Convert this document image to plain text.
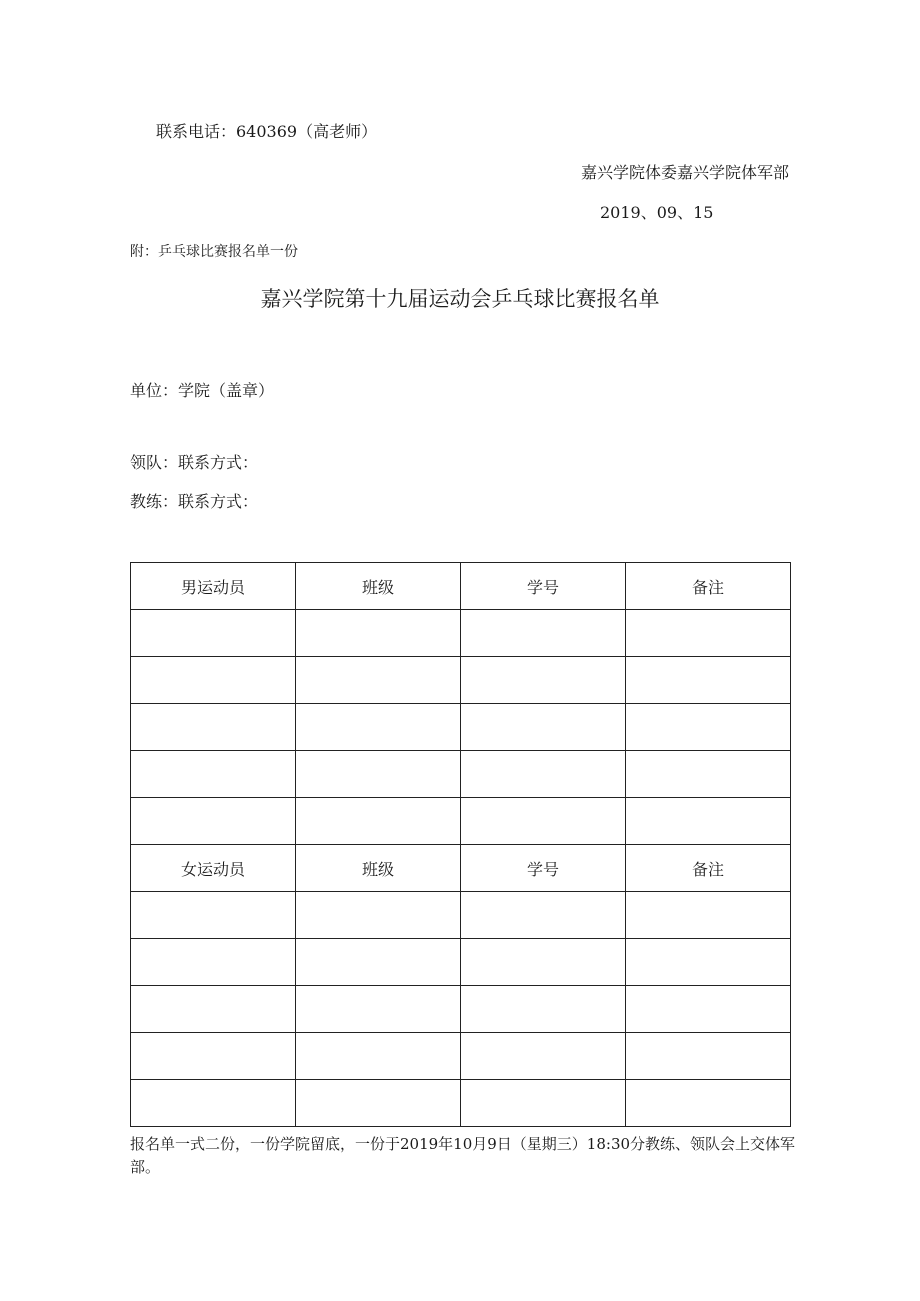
联系电话：640369（高老师）
嘉兴学院体委嘉兴学院体军部
2019、09、15
附：乒乓球比赛报名单一份
嘉兴学院第十九届运动会乒乓球比赛报名单
单位：学院（盖章）
领队：联系方式：
教练：联系方式：
男运动员	班级	学号	备注

女运动员	班级	学号	备注

报名单一式二份，一份学院留底，一份于2019年10月9日（星期三）18:30分教练、领队会上交体军部。
